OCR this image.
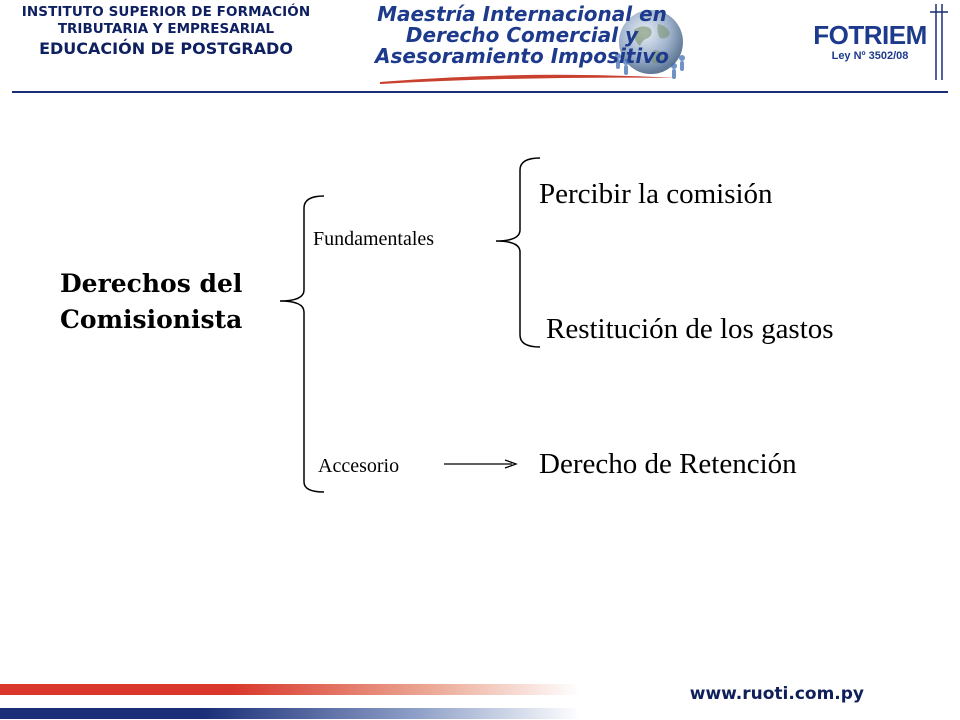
INSTITUTO SUPERIOR DE FORMACIÓN
TRIBUTARIA Y EMPRESARIAL
EDUCACIÓN DE POSTGRADO
Maestría Internacional en
Derecho Comercial y
Asesoramiento Impositivo
FOTRIEM
Ley Nº 3502/08
Derechos del
Comisionista
Fundamentales
Accesorio
Percibir la comisión
Restitución de los gastos
Derecho de Retención
www.ruoti.com.py
